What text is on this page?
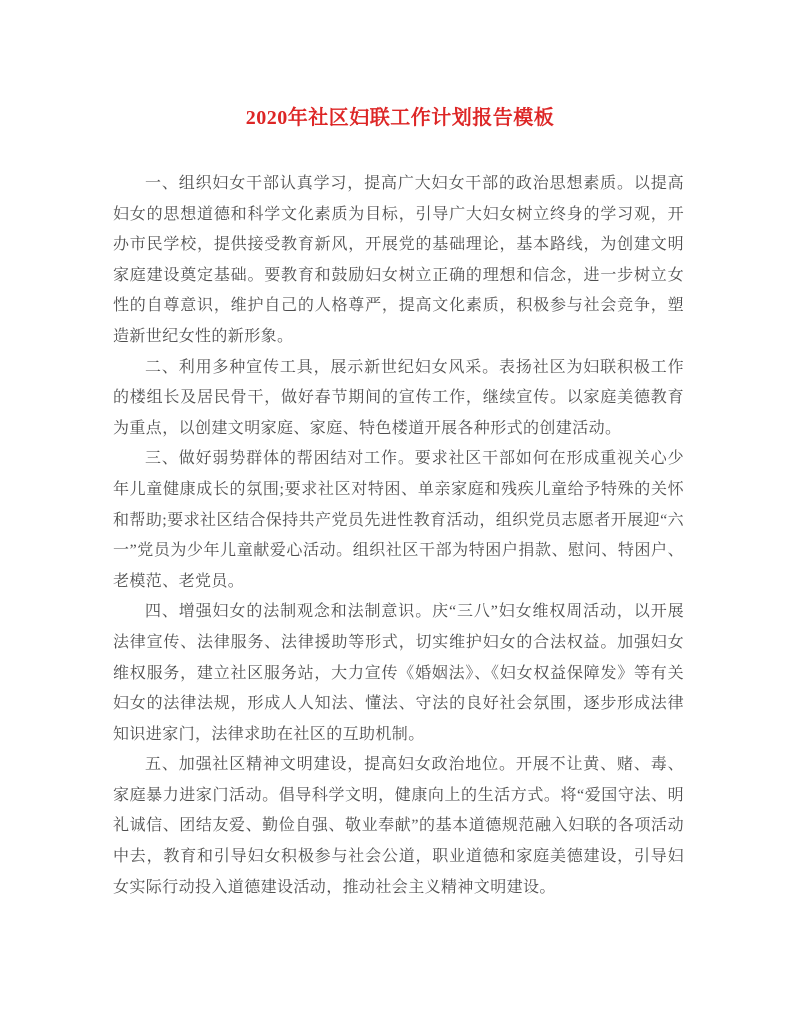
2020年社区妇联工作计划报告模板

一、组织妇女干部认真学习，提高广大妇女干部的政治思想素质。以提高妇女的思想道德和科学文化素质为目标，引导广大妇女树立终身的学习观，开办市民学校，提供接受教育新风，开展党的基础理论，基本路线，为创建文明家庭建设奠定基础。要教育和鼓励妇女树立正确的理想和信念，进一步树立女性的自尊意识，维护自己的人格尊严，提高文化素质，积极参与社会竞争，塑造新世纪女性的新形象。

二、利用多种宣传工具，展示新世纪妇女风采。表扬社区为妇联积极工作的楼组长及居民骨干，做好春节期间的宣传工作，继续宣传。以家庭美德教育为重点，以创建文明家庭、家庭、特色楼道开展各种形式的创建活动。

三、做好弱势群体的帮困结对工作。要求社区干部如何在形成重视关心少年儿童健康成长的氛围;要求社区对特困、单亲家庭和残疾儿童给予特殊的关怀和帮助;要求社区结合保持共产党员先进性教育活动，组织党员志愿者开展迎“六一”党员为少年儿童献爱心活动。组织社区干部为特困户捐款、慰问、特困户、老模范、老党员。

四、增强妇女的法制观念和法制意识。庆“三八”妇女维权周活动，以开展法律宣传、法律服务、法律援助等形式，切实维护妇女的合法权益。加强妇女维权服务，建立社区服务站，大力宣传《婚姻法》、《妇女权益保障发》等有关妇女的法律法规，形成人人知法、懂法、守法的良好社会氛围，逐步形成法律知识进家门，法律求助在社区的互助机制。

五、加强社区精神文明建设，提高妇女政治地位。开展不让黄、赌、毒、家庭暴力进家门活动。倡导科学文明，健康向上的生活方式。将“爱国守法、明礼诚信、团结友爱、勤俭自强、敬业奉献”的基本道德规范融入妇联的各项活动中去，教育和引导妇女积极参与社会公道，职业道德和家庭美德建设，引导妇女实际行动投入道德建设活动，推动社会主义精神文明建设。
